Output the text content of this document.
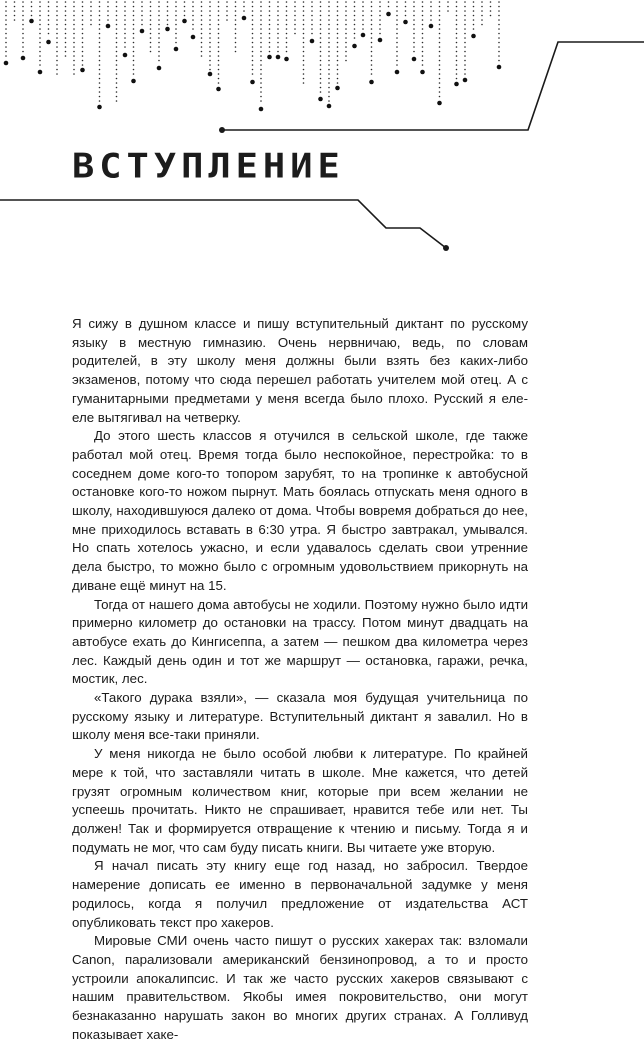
ВСТУПЛЕНИЕ

Я сижу в душном классе и пишу вступительный диктант по русскому языку в местную гимназию. Очень нервничаю, ведь, по словам родителей, в эту школу меня должны были взять без каких-либо экзаменов, потому что сюда перешел работать учителем мой отец. А с гуманитарными предметами у меня всегда было плохо. Русский я еле-еле вытягивал на четверку.

До этого шесть классов я отучился в сельской школе, где также работал мой отец. Время тогда было неспокойное, перестройка: то в соседнем доме кого-то топором зарубят, то на тропинке к автобусной остановке кого-то ножом пырнут. Мать боялась отпускать меня одного в школу, находившуюся далеко от дома. Чтобы вовремя добраться до нее, мне приходилось вставать в 6:30 утра. Я быстро завтракал, умывался. Но спать хотелось ужасно, и если удавалось сделать свои утренние дела быстро, то можно было с огромным удовольствием прикорнуть на диване ещё минут на 15.

Тогда от нашего дома автобусы не ходили. Поэтому нужно было идти примерно километр до остановки на трассу. Потом минут двадцать на автобусе ехать до Кингисеппа, а затем — пешком два километра через лес. Каждый день один и тот же маршрут — остановка, гаражи, речка, мостик, лес.

«Такого дурака взяли», — сказала моя будущая учительница по русскому языку и литературе. Вступительный диктант я завалил. Но в школу меня все-таки приняли.

У меня никогда не было особой любви к литературе. По крайней мере к той, что заставляли читать в школе. Мне кажется, что детей грузят огромным количеством книг, которые при всем желании не успеешь прочитать. Никто не спрашивает, нравится тебе или нет. Ты должен! Так и формируется отвращение к чтению и письму. Тогда я и подумать не мог, что сам буду писать книги. Вы читаете уже вторую.

Я начал писать эту книгу еще год назад, но забросил. Твердое намерение дописать ее именно в первоначальной задумке у меня родилось, когда я получил предложение от издательства АСТ опубликовать текст про хакеров.

Мировые СМИ очень часто пишут о русских хакерах так: взломали Canon, парализовали американский бензинопровод, а то и просто устроили апокалипсис. И так же часто русских хакеров связывают с нашим правительством. Якобы имея покровительство, они могут безнаказанно нарушать закон во многих других странах. А Голливуд показывает хаке-
